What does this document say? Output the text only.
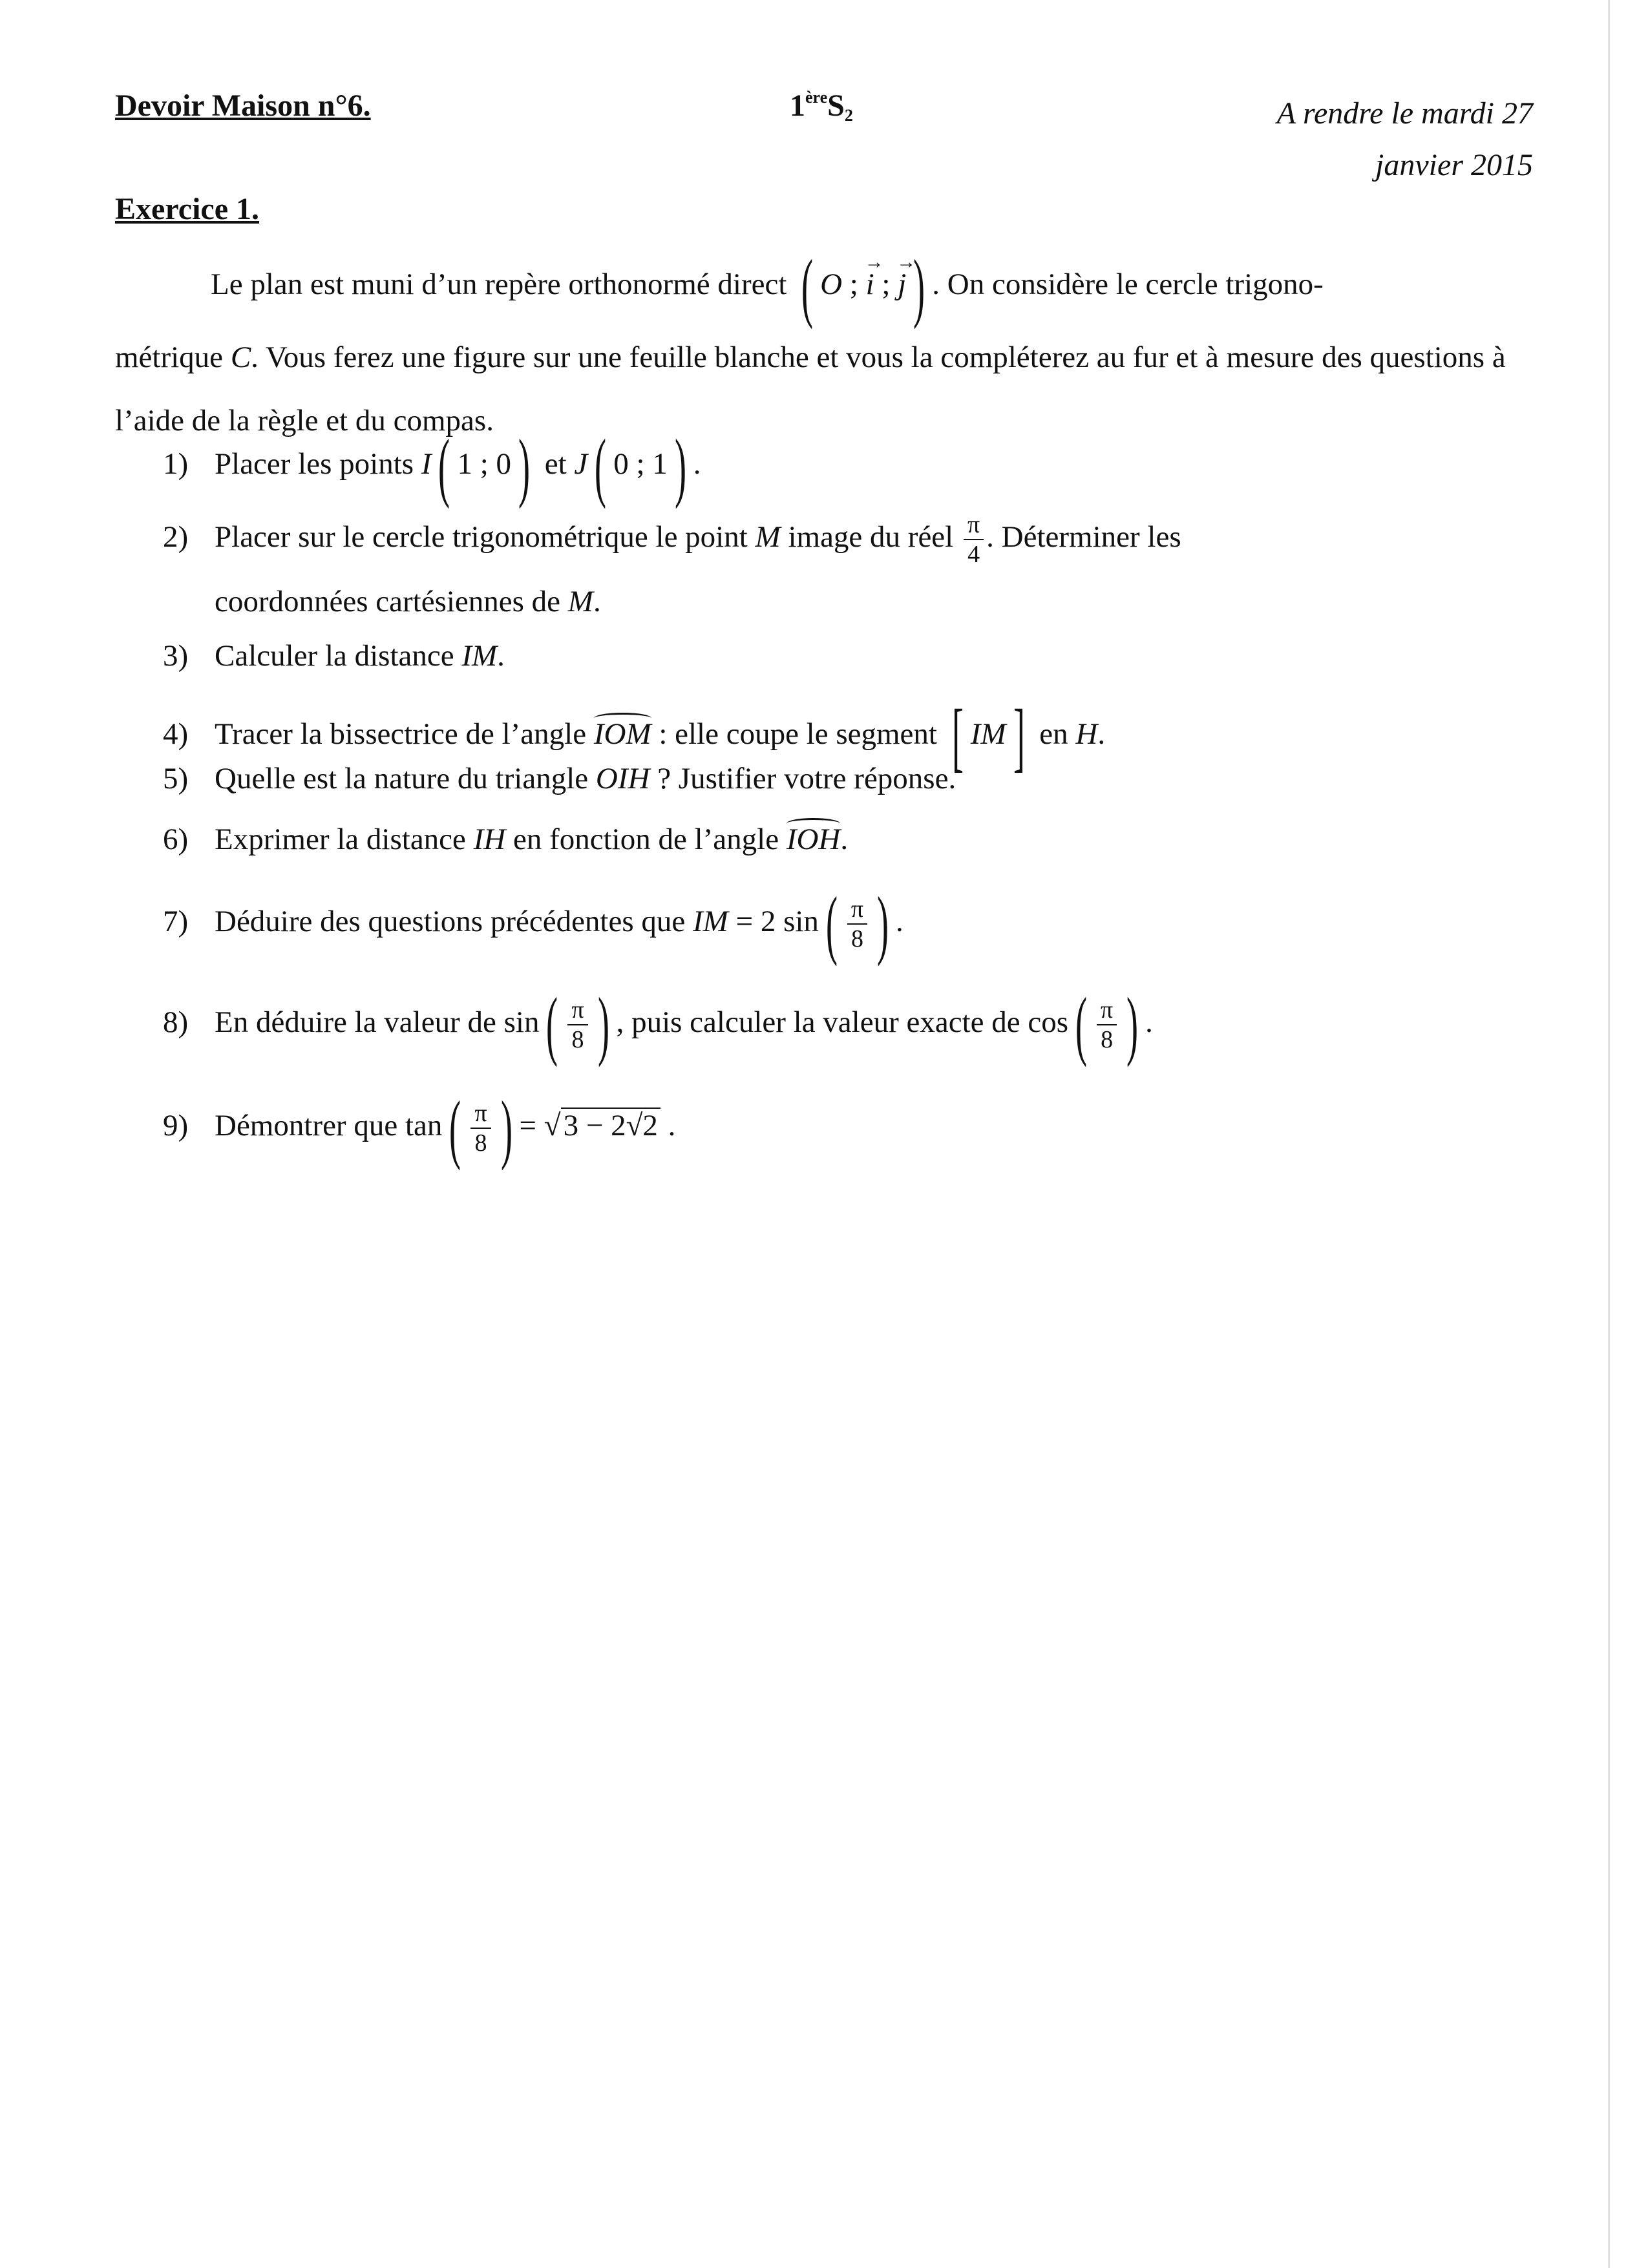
Devoir Maison n°6.	$1èreS_2$	A rendre le mardi 27
janvier 2015
Exercice 1.
Le plan est muni d’un repère orthonormé direct ( O ; → i ; → j) . On considère le cercle trigono-
métrique C. Vous ferez une figure sur une feuille blanche et vous la compléterez au fur et à mesure des questions à l’aide de la règle et du compas.
1) Placer les points I( 1 ; 0) et J( 0 ; 1) .
2) Placer sur le cercle trigonométrique le point M image du réel $\frac{\pi}{4}$ . Déterminer les
coordonnées cartésiennes de M.
3) Calculer la distance IM.
4) Tracer la bissectrice de l’angle IOM : elle coupe le segment [ IM] en H.
5) Quelle est la nature du triangle OIH ? Justifier votre réponse.
6) Exprimer la distance IH en fonction de l’angle IOH.
7) Déduire des questions précédentes que IM = 2 $\sin( \frac{\pi}{8}$ ) .
8) En déduire la valeur de $\sin( \frac{\pi}{8}$ ) , puis calculer la valeur exacte de $\cos( \frac{\pi}{8}$ ) .
9) Démontrer que $\tan( \frac{\pi}{8}$ ) = √3 − 2√2 .
